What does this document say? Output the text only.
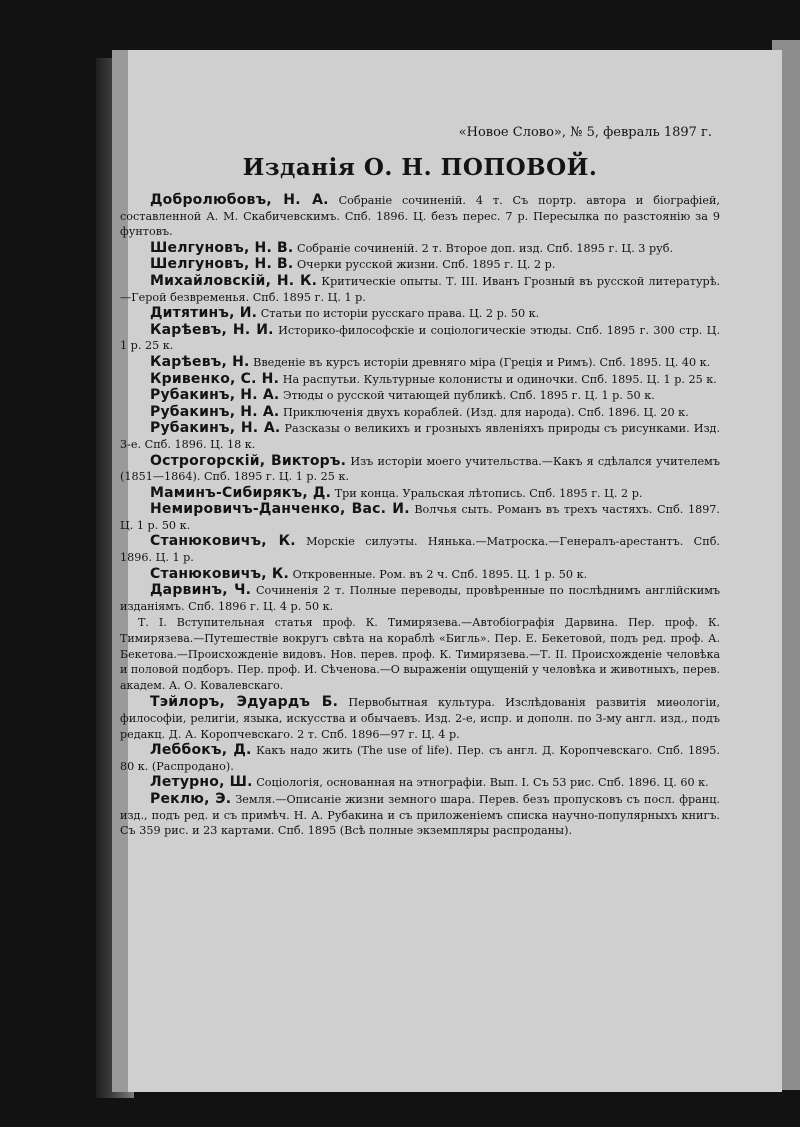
«Новое Слово», № 5, февраль 1897 г.
Изданія О. Н. ПОПОВОЙ.
Добролюбовъ, Н. А. Собраніе сочиненій. 4 т. Съ портр. автора и біографіей, составленной А. М. Скабичевскимъ. Спб. 1896. Ц. безъ перес. 7 р. Пересылка по разстоянію за 9 фунтовъ.
Шелгуновъ, Н. В. Собраніе сочиненій. 2 т. Второе доп. изд. Спб. 1895 г. Ц. 3 руб.
Шелгуновъ, Н. В. Очерки русской жизни. Спб. 1895 г. Ц. 2 р.
Михайловскій, Н. К. Критическіе опыты. Т. III. Иванъ Грозный въ русской литературѣ.—Герой безвременья. Спб. 1895 г. Ц. 1 р.
Дитятинъ, И. Статьи по исторіи русскаго права. Ц. 2 р. 50 к.
Карѣевъ, Н. И. Историко-философскіе и соціологическіе этюды. Спб. 1895 г. 300 стр. Ц. 1 р. 25 к.
Карѣевъ, Н. Введеніе въ курсъ исторіи древняго міра (Греція и Римъ). Спб. 1895. Ц. 40 к.
Кривенко, С. Н. На распутьи. Культурные колонисты и одиночки. Спб. 1895. Ц. 1 р. 25 к.
Рубакинъ, Н. А. Этюды о русской читающей публикѣ. Спб. 1895 г. Ц. 1 р. 50 к.
Рубакинъ, Н. А. Приключенія двухъ кораблей. (Изд. для народа). Спб. 1896. Ц. 20 к.
Рубакинъ, Н. А. Разсказы о великихъ и грозныхъ явленіяхъ природы съ рисунками. Изд. 3-е. Спб. 1896. Ц. 18 к.
Острогорскій, Викторъ. Изъ исторіи моего учительства.—Какъ я сдѣлался учителемъ (1851—1864). Спб. 1895 г. Ц. 1 р. 25 к.
Маминъ-Сибирякъ, Д. Три конца. Уральская лѣтопись. Спб. 1895 г. Ц. 2 р.
Немировичъ-Данченко, Вас. И. Волчья сыть. Романъ въ трехъ частяхъ. Спб. 1897. Ц. 1 р. 50 к.
Станюковичъ, К. Морскіе силуэты. Нянька.—Матроска.—Генералъ-арестантъ. Спб. 1896. Ц. 1 р.
Станюковичъ, К. Откровенные. Ром. въ 2 ч. Спб. 1895. Ц. 1 р. 50 к.
Дарвинъ, Ч. Сочиненія 2 т. Полные переводы, провѣренные по послѣднимъ англійскимъ изданіямъ. Спб. 1896 г. Ц. 4 р. 50 к.
Т. I. Вступительная статья проф. К. Тимирязева.—Автобіографія Дарвина. Пер. проф. К. Тимирязева.—Путешествіе вокругъ свѣта на кораблѣ «Бигль». Пер. Е. Бекетовой, подъ ред. проф. А. Бекетова.—Происхожденіе видовъ. Нов. перев. проф. К. Тимирязева.—Т. II. Происхожденіе человѣка и половой подборъ. Пер. проф. И. Сѣченова.—О выраженіи ощущеній у человѣка и животныхъ, перев. академ. А. О. Ковалевскаго.
Тэйлоръ, Эдуардъ Б. Первобытная культура. Изслѣдованія развитія миѳологіи, философіи, религіи, языка, искусства и обычаевъ. Изд. 2-е, испр. и дополн. по 3-му англ. изд., подъ редакц. Д. А. Коропчевскаго. 2 т. Спб. 1896—97 г. Ц. 4 р.
Леббокъ, Д. Какъ надо жить (The use of life). Пер. съ англ. Д. Коропчевскаго. Спб. 1895. 80 к. (Распродано).
Летурно, Ш. Соціологія, основанная на этнографіи. Вып. I. Съ 53 рис. Спб. 1896. Ц. 60 к.
Реклю, Э. Земля.—Описаніе жизни земного шара. Перев. безъ пропусковъ съ посл. франц. изд., подъ ред. и съ примѣч. Н. А. Рубакина и съ приложеніемъ списка научно-популярныхъ книгъ. Съ 359 рис. и 23 картами. Спб. 1895 (Всѣ полные экземпляры распроданы).
